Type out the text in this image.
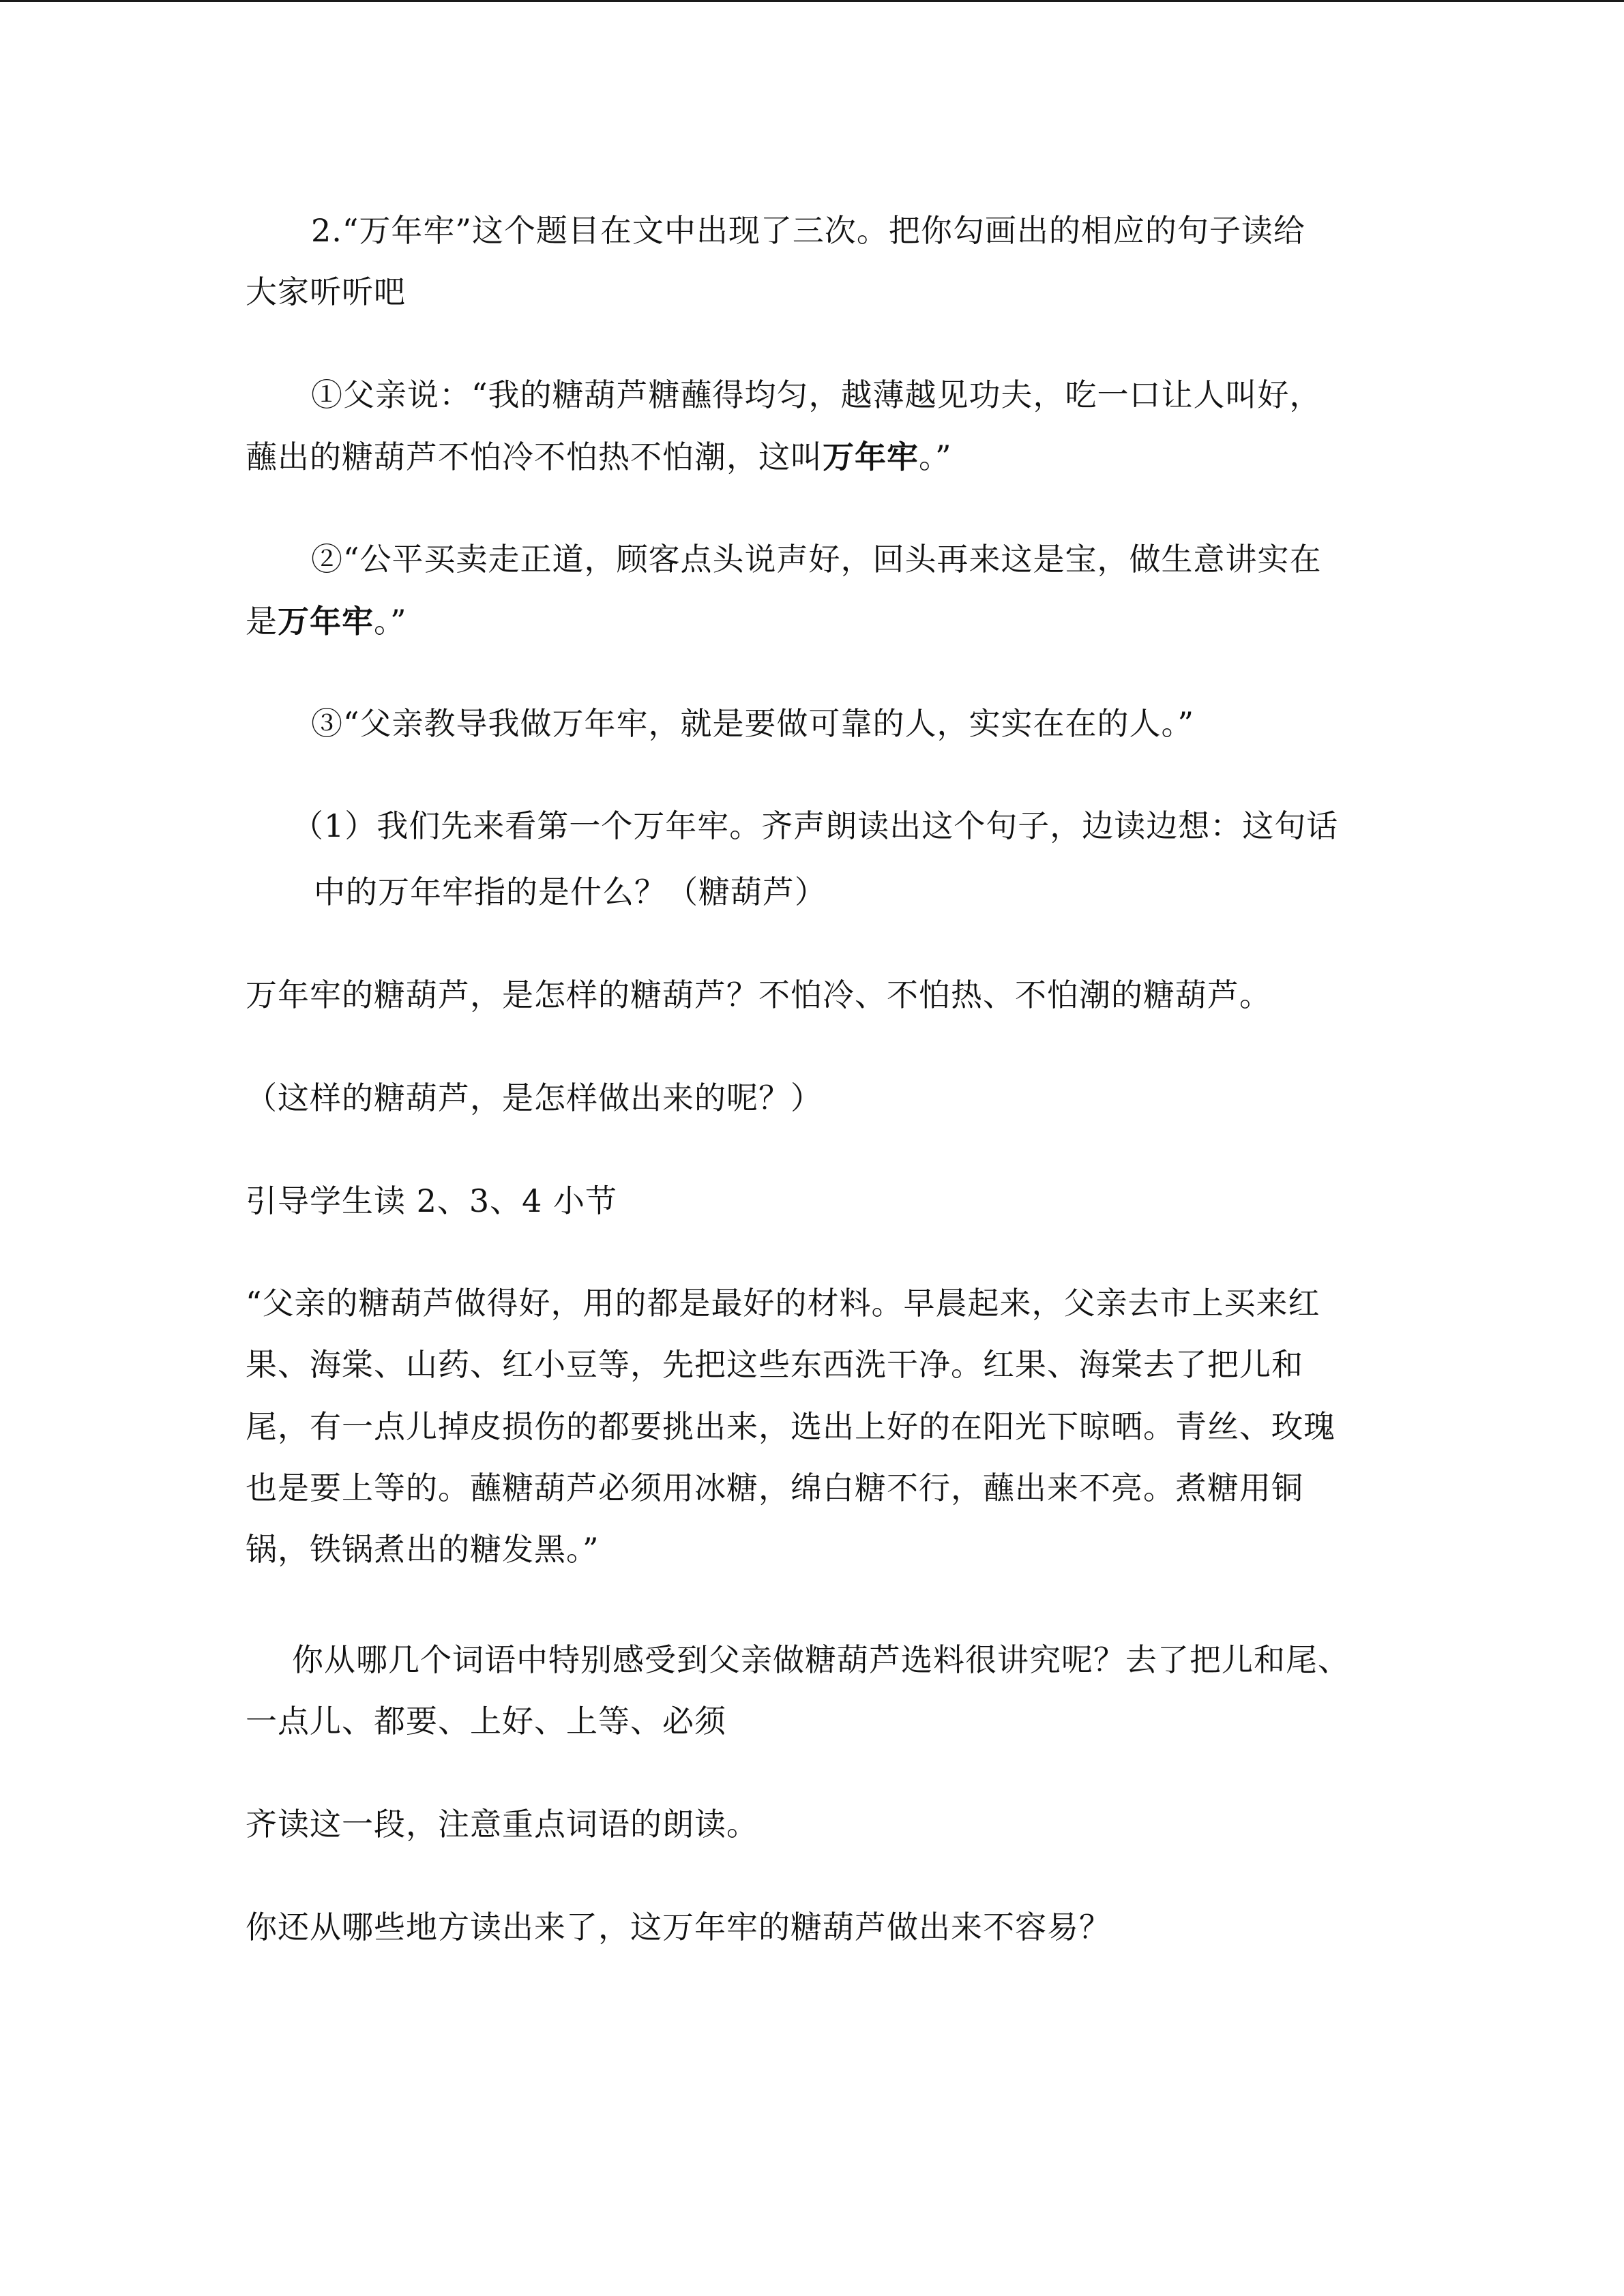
2.“万年牢”这个题目在文中出现了三次。把你勾画出的相应的句子读给
大家听听吧
①父亲说：“我的糖葫芦糖蘸得均匀，越薄越见功夫，吃一口让人叫好，
蘸出的糖葫芦不怕冷不怕热不怕潮，这叫万年牢。”
②“公平买卖走正道，顾客点头说声好，回头再来这是宝，做生意讲实在
是万年牢。”
③“父亲教导我做万年牢，就是要做可靠的人，实实在在的人。”
（1）我们先来看第一个万年牢。齐声朗读出这个句子，边读边想：这句话
中的万年牢指的是什么？（糖葫芦）
万年牢的糖葫芦，是怎样的糖葫芦？不怕冷、不怕热、不怕潮的糖葫芦。
（这样的糖葫芦，是怎样做出来的呢？）
引导学生读 2、3、4 小节
“父亲的糖葫芦做得好，用的都是最好的材料。早晨起来，父亲去市上买来红
果、海棠、山药、红小豆等，先把这些东西洗干净。红果、海棠去了把儿和
尾，有一点儿掉皮损伤的都要挑出来，选出上好的在阳光下晾晒。青丝、玫瑰
也是要上等的。蘸糖葫芦必须用冰糖，绵白糖不行，蘸出来不亮。煮糖用铜
锅，铁锅煮出的糖发黑。”
你从哪几个词语中特别感受到父亲做糖葫芦选料很讲究呢？去了把儿和尾、
一点儿、都要、上好、上等、必须
齐读这一段，注意重点词语的朗读。
你还从哪些地方读出来了，这万年牢的糖葫芦做出来不容易？
